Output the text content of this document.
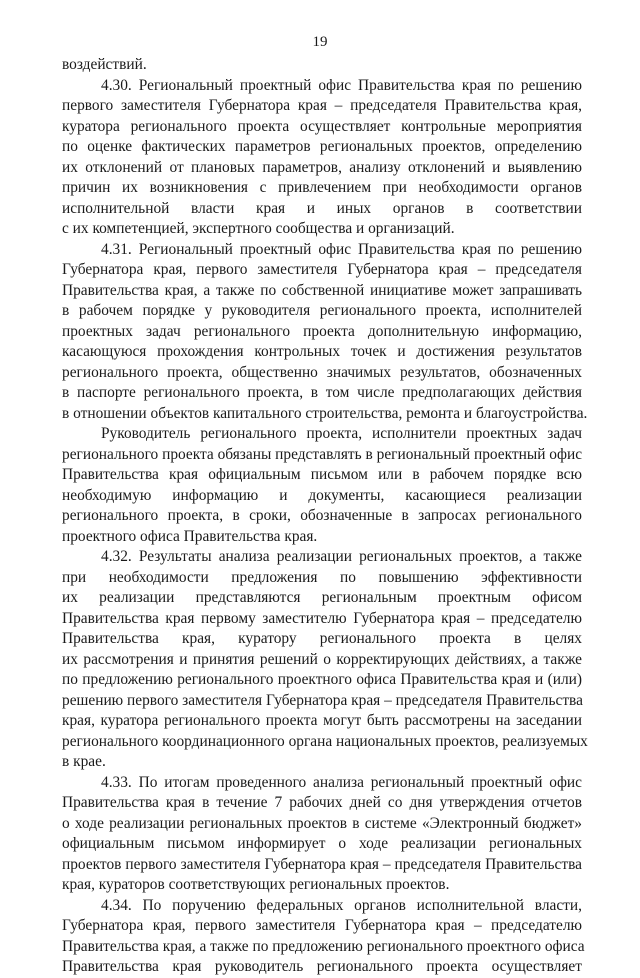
19
воздействий.
4.30. Региональный проектный офис Правительства края по решению
первого заместителя Губернатора края – председателя Правительства края,
куратора регионального проекта осуществляет контрольные мероприятия
по оценке фактических параметров региональных проектов, определению
их отклонений от плановых параметров, анализу отклонений и выявлению
причин их возникновения с привлечением при необходимости органов
исполнительной власти края и иных органов в соответствии
с их компетенцией, экспертного сообщества и организаций.
4.31. Региональный проектный офис Правительства края по решению
Губернатора края, первого заместителя Губернатора края – председателя
Правительства края, а также по собственной инициативе может запрашивать
в рабочем порядке у руководителя регионального проекта, исполнителей
проектных задач регионального проекта дополнительную информацию,
касающуюся прохождения контрольных точек и достижения результатов
регионального проекта, общественно значимых результатов, обозначенных
в паспорте регионального проекта, в том числе предполагающих действия
в отношении объектов капитального строительства, ремонта и благоустройства.
Руководитель регионального проекта, исполнители проектных задач
регионального проекта обязаны представлять в региональный проектный офис
Правительства края официальным письмом или в рабочем порядке всю
необходимую информацию и документы, касающиеся реализации
регионального проекта, в сроки, обозначенные в запросах регионального
проектного офиса Правительства края.
4.32. Результаты анализа реализации региональных проектов, а также
при необходимости предложения по повышению эффективности
их реализации представляются региональным проектным офисом
Правительства края первому заместителю Губернатора края – председателю
Правительства края, куратору регионального проекта в целях
их рассмотрения и принятия решений о корректирующих действиях, а также
по предложению регионального проектного офиса Правительства края и (или)
решению первого заместителя Губернатора края – председателя Правительства
края, куратора регионального проекта могут быть рассмотрены на заседании
регионального координационного органа национальных проектов, реализуемых
в крае.
4.33. По итогам проведенного анализа региональный проектный офис
Правительства края в течение 7 рабочих дней со дня утверждения отчетов
о ходе реализации региональных проектов в системе «Электронный бюджет»
официальным письмом информирует о ходе реализации региональных
проектов первого заместителя Губернатора края – председателя Правительства
края, кураторов соответствующих региональных проектов.
4.34. По поручению федеральных органов исполнительной власти,
Губернатора края, первого заместителя Губернатора края – председателю
Правительства края, а также по предложению регионального проектного офиса
Правительства края руководитель регионального проекта осуществляет
